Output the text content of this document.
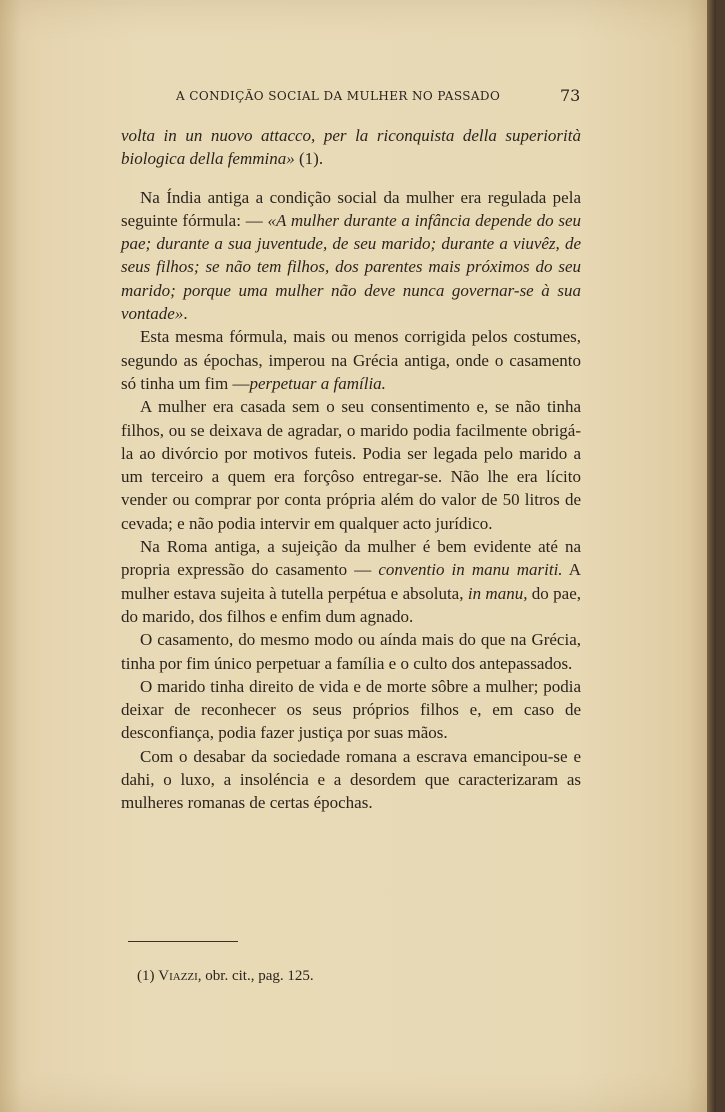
A CONDIÇÃO SOCIAL DA MULHER NO PASSADO	73

volta in un nuovo attacco, per la riconquista della superiorità biologica della femmina» (1).

Na Índia antiga a condição social da mulher era regulada pela seguinte fórmula: — «A mulher durante a infância depende do seu pae; durante a sua juventude, de seu marido; durante a viuvêz, de seus filhos; se não tem filhos, dos parentes mais próximos do seu marido; porque uma mulher não deve nunca governar-se à sua vontade».

Esta mesma fórmula, mais ou menos corrigida pelos costumes, segundo as épochas, imperou na Grécia antiga, onde o casamento só tinha um fim —perpetuar a família.

A mulher era casada sem o seu consentimento e, se não tinha filhos, ou se deixava de agradar, o marido podia facilmente obrigá-la ao divórcio por motivos futeis. Podia ser legada pelo marido a um terceiro a quem era forçôso entregar-se. Não lhe era lícito vender ou comprar por conta própria além do valor de 50 litros de cevada; e não podia intervir em qualquer acto jurídico.

Na Roma antiga, a sujeição da mulher é bem evidente até na propria expressão do casamento — conventio in manu mariti. A mulher estava sujeita à tutella perpétua e absoluta, in manu, do pae, do marido, dos filhos e enfim dum agnado.

O casamento, do mesmo modo ou aínda mais do que na Grécia, tinha por fim único perpetuar a família e o culto dos antepassados.

O marido tinha direito de vida e de morte sôbre a mulher; podia deixar de reconhecer os seus próprios filhos e, em caso de desconfiança, podia fazer justiça por suas mãos.

Com o desabar da sociedade romana a escrava emancipou-se e dahi, o luxo, a insoléncia e a desordem que caracterizaram as mulheres romanas de certas épochas.

(1) Viazzi, obr. cit., pag. 125.
